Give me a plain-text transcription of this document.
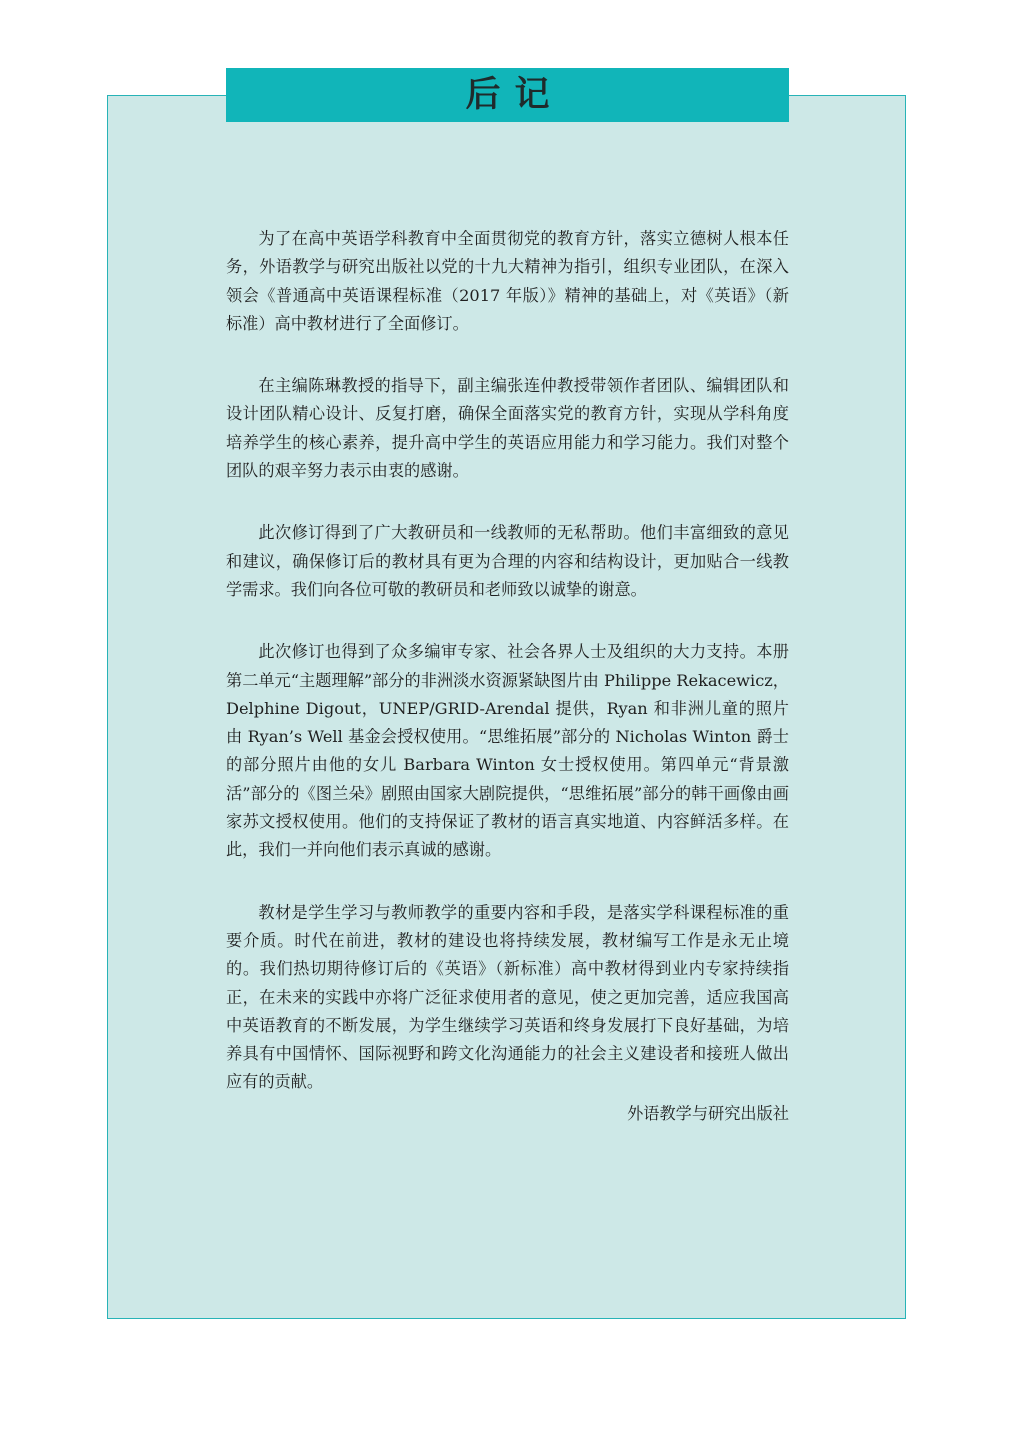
后记

为了在高中英语学科教育中全面贯彻党的教育方针，落实立德树人根本任务，外语教学与研究出版社以党的十九大精神为指引，组织专业团队，在深入领会《普通高中英语课程标准（2017 年版）》精神的基础上，对《英语》（新标准）高中教材进行了全面修订。

在主编陈琳教授的指导下，副主编张连仲教授带领作者团队、编辑团队和设计团队精心设计、反复打磨，确保全面落实党的教育方针，实现从学科角度培养学生的核心素养，提升高中学生的英语应用能力和学习能力。我们对整个团队的艰辛努力表示由衷的感谢。

此次修订得到了广大教研员和一线教师的无私帮助。他们丰富细致的意见和建议，确保修订后的教材具有更为合理的内容和结构设计，更加贴合一线教学需求。我们向各位可敬的教研员和老师致以诚挚的谢意。

此次修订也得到了众多编审专家、社会各界人士及组织的大力支持。本册第二单元“主题理解”部分的非洲淡水资源紧缺图片由 Philippe Rekacewicz，Delphine Digout，UNEP/GRID-Arendal 提供，Ryan 和非洲儿童的照片由 Ryan’s Well 基金会授权使用。“思维拓展”部分的 Nicholas Winton 爵士的部分照片由他的女儿 Barbara Winton 女士授权使用。第四单元“背景激活”部分的《图兰朵》剧照由国家大剧院提供，“思维拓展”部分的韩干画像由画家苏文授权使用。他们的支持保证了教材的语言真实地道、内容鲜活多样。在此，我们一并向他们表示真诚的感谢。

教材是学生学习与教师教学的重要内容和手段，是落实学科课程标准的重要介质。时代在前进，教材的建设也将持续发展，教材编写工作是永无止境的。我们热切期待修订后的《英语》（新标准）高中教材得到业内专家持续指正，在未来的实践中亦将广泛征求使用者的意见，使之更加完善，适应我国高中英语教育的不断发展，为学生继续学习英语和终身发展打下良好基础，为培养具有中国情怀、国际视野和跨文化沟通能力的社会主义建设者和接班人做出应有的贡献。

外语教学与研究出版社
